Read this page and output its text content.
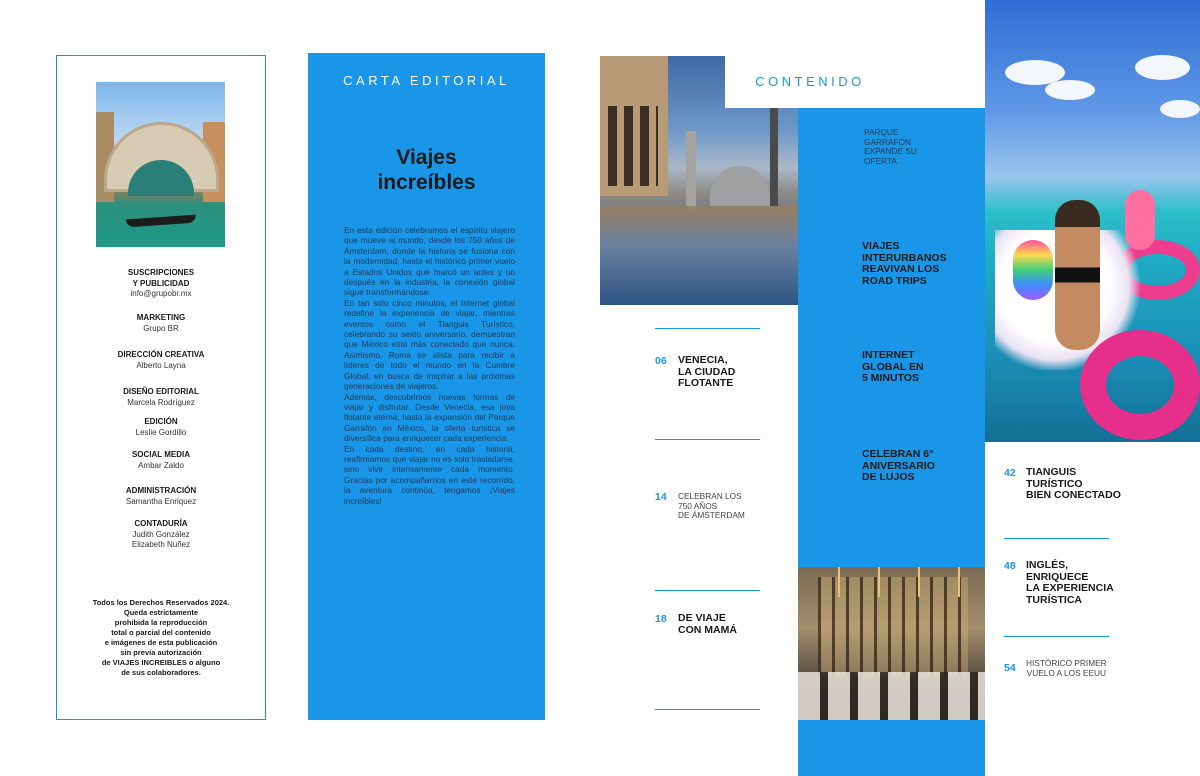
SUSCRIPCIONES
Y PUBLICIDAD
info@grupobr.mx
MARKETING
Grupo BR
DIRECCIÓN CREATIVA
Alberto Layna
DISEÑO EDITORIAL
Marcela Rodríguez
EDICIÓN
Leslie Gordillo
SOCIAL MEDIA
Ambar Zaldo
ADMINISTRACIÓN
Samantha Enriquez
CONTADURÍA
Judith González
Elizabeth Nuñez
Todos los Derechos Reservados 2024.
Queda estrictamente
prohibida la reproducción
total o parcial del contenido
e imágenes de esta publicación
sin previa autorización
de VIAJES INCREIBLES o alguno
de sus colaboradores.
CARTA EDITORIAL
Viajes
increíbles

En esta edición celebramos el espíritu viajero que mueve al mundo, desde los 750 años de Ámsterdam, donde la historia se fusiona con la modernidad, hasta el histórico primer vuelo a Estados Unidos que marcó un antes y un después en la industria, la conexión global sigue transformándose.

En tan solo cinco minutos, el Internet global redefine la experiencia de viajar, mientras eventos como el Tianguis Turístico, celebrando su sexto aniversario, demuestran que México está más conectado que nunca. Asimismo, Roma se alista para recibir a líderes de todo el mundo en la Cumbre Global, en busca de inspirar a las próximas generaciones de viajeros.

Además, descubrimos nuevas formas de viajar y disfrutar. Desde Venecia, esa joya flotante eterna, hasta la expansión del Parque Garrafón en México, la oferta turística se diversifica para enriquecer cada experiencia.

En cada destino, en cada historia, reafirmamos que viajar no es solo trasladarse, sino vivir intensamente cada momento. Gracias por acompañarnos en este recorrido, la aventura continúa, tengamos ¡Viajes increíbles!

CONTENIDO
06 VENECIA,
LA CIUDAD
FLOTANTE
14 CELEBRAN LOS
750 AÑOS
DE ÁMSTERDAM
18 DE VIAJE
CON MAMÁ
PARQUE
GARRAFÓN
EXPANDE SU
OFERTA
VIAJES
INTERURBANOS
REAVIVAN LOS
ROAD TRIPS
INTERNET
GLOBAL EN
5 MINUTOS
CELEBRAN 6°
ANIVERSARIO
DE LUJOS	42 TIANGUIS
TURÍSTICO
BIEN CONECTADO
48 INGLÉS,
ENRIQUECE
LA EXPERIENCIA
TURÍSTICA
54 HISTÓRICO PRIMER
VUELO A LOS EEUU
